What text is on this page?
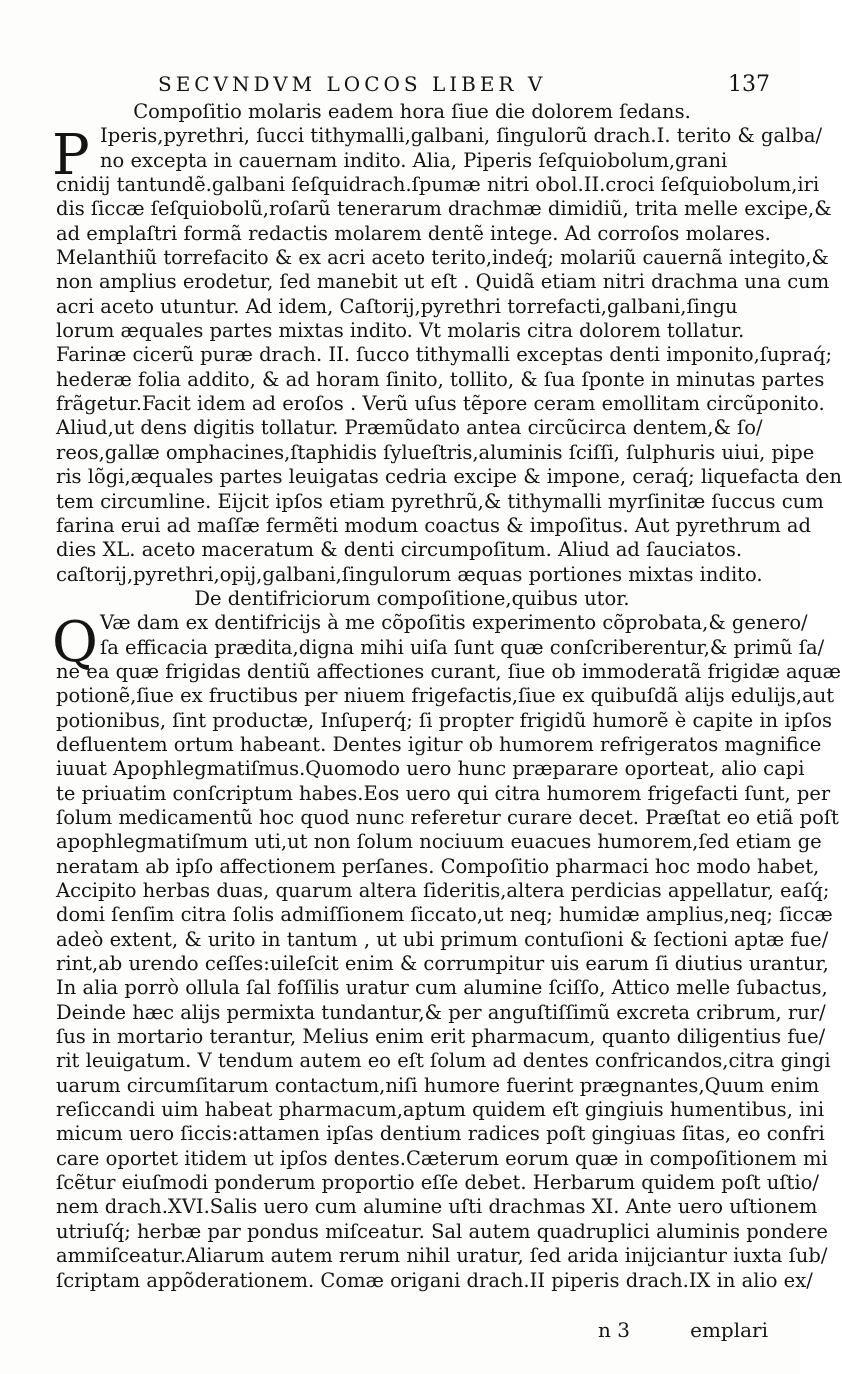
SECVNDVM LOCOS LIBER V	137
Compoſitio molaris eadem hora ſiue die dolorem ſedans.
P Iperis,pyrethri, ſucci tithymalli,galbani, ſingulorũ drach.I. terito & galba/
no excepta in cauernam indito. Alia, Piperis ſeſquiobolum,grani
cnidij tantundẽ.galbani ſeſquidrach.ſpumæ nitri obol.II.croci ſeſquiobolum,iri
dis ſiccæ ſeſquiobolũ,roſarũ tenerarum drachmæ dimidiũ, trita melle excipe,&
ad emplaſtri formã redactis molarem dentẽ intege. Ad corroſos molares.
Melanthiũ torrefacito & ex acri aceto terito,indeq́; molariũ cauernã integito,&
non amplius erodetur, ſed manebit ut eſt . Quidã etiam nitri drachma una cum
acri aceto utuntur. Ad idem, Caſtorij,pyrethri torrefacti,galbani,ſingu
lorum æquales partes mixtas indito. Vt molaris citra dolorem tollatur.
Farinæ cicerũ puræ drach. II. ſucco tithymalli exceptas denti imponito,ſupraq́;
hederæ folia addito, & ad horam ſinito, tollito, & ſua ſponte in minutas partes
frãgetur.Facit idem ad eroſos . Verũ uſus tẽpore ceram emollitam circũponito.
Aliud,ut dens digitis tollatur. Præmũdato antea circũcirca dentem,& ſo/
reos,gallæ omphacines,ſtaphidis ſylueſtris,aluminis ſciſſi, ſulphuris uiui, pipe
ris lõgi,æquales partes leuigatas cedria excipe & impone, ceraq́; liquefacta den
tem circumline. Eijcit ipſos etiam pyrethrũ,& tithymalli myrſinitæ ſuccus cum
farina erui ad maſſæ fermẽti modum coactus & impoſitus. Aut pyrethrum ad
dies XL. aceto maceratum & denti circumpoſitum. Aliud ad ſauciatos.
caſtorij,pyrethri,opij,galbani,ſingulorum æquas portiones mixtas indito.
De dentifriciorum compoſitione,quibus utor.
Q Væ dam ex dentifricijs à me cõpoſitis experimento cõprobata,& genero/
ſa efficacia prædita,digna mihi uiſa ſunt quæ conſcriberentur,& primũ ſa/
ne ea quæ frigidas dentiũ affectiones curant, ſiue ob immoderatã frigidæ aquæ
potionẽ,ſiue ex fructibus per niuem frigefactis,ſiue ex quibuſdã alijs edulijs,aut
potionibus, ſint productæ, Inſuperq́; ſi propter frigidũ humorẽ è capite in ipſos
defluentem ortum habeant. Dentes igitur ob humorem refrigeratos magnifice
iuuat Apophlegmatiſmus.Quomodo uero hunc præparare oporteat, alio capi
te priuatim conſcriptum habes.Eos uero qui citra humorem frigefacti ſunt, per
ſolum medicamentũ hoc quod nunc referetur curare decet. Præſtat eo etiã poſt
apophlegmatiſmum uti,ut non ſolum nociuum euacues humorem,ſed etiam ge
neratam ab ipſo affectionem perſanes. Compoſitio pharmaci hoc modo habet,
Accipito herbas duas, quarum altera ſideritis,altera perdicias appellatur, eaſq́;
domi ſenſim citra ſolis admiſſionem ſiccato,ut neq; humidæ amplius,neq; ſiccæ
adeò extent, & urito in tantum , ut ubi primum contuſioni & ſectioni aptæ fue/
rint,ab urendo ceſſes:uileſcit enim & corrumpitur uis earum ſi diutius urantur,
In alia porrò ollula ſal foſſilis uratur cum alumine ſciſſo, Attico melle ſubactus,
Deinde hæc alijs permixta tundantur,& per anguſtiſſimũ excreta cribrum, rur/
ſus in mortario terantur, Melius enim erit pharmacum, quanto diligentius fue/
rit leuigatum. V tendum autem eo eſt ſolum ad dentes confricandos,citra gingi
uarum circumſitarum contactum,niſi humore fuerint prægnantes,Quum enim
reſiccandi uim habeat pharmacum,aptum quidem eſt gingiuis humentibus, ini
micum uero ſiccis:attamen ipſas dentium radices poſt gingiuas ſitas, eo confri
care oportet itidem ut ipſos dentes.Cæterum eorum quæ in compoſitionem mi
ſcẽtur eiuſmodi ponderum proportio eſſe debet. Herbarum quidem poſt uſtio/
nem drach.XVI.Salis uero cum alumine uſti drachmas XI. Ante uero uſtionem
utriuſq́; herbæ par pondus miſceatur. Sal autem quadruplici aluminis pondere
ammiſceatur.Aliarum autem rerum nihil uratur, ſed arida inijciantur iuxta ſub/
ſcriptam appõderationem. Comæ origani drach.II piperis drach.IX in alio ex/
n 3	emplari
